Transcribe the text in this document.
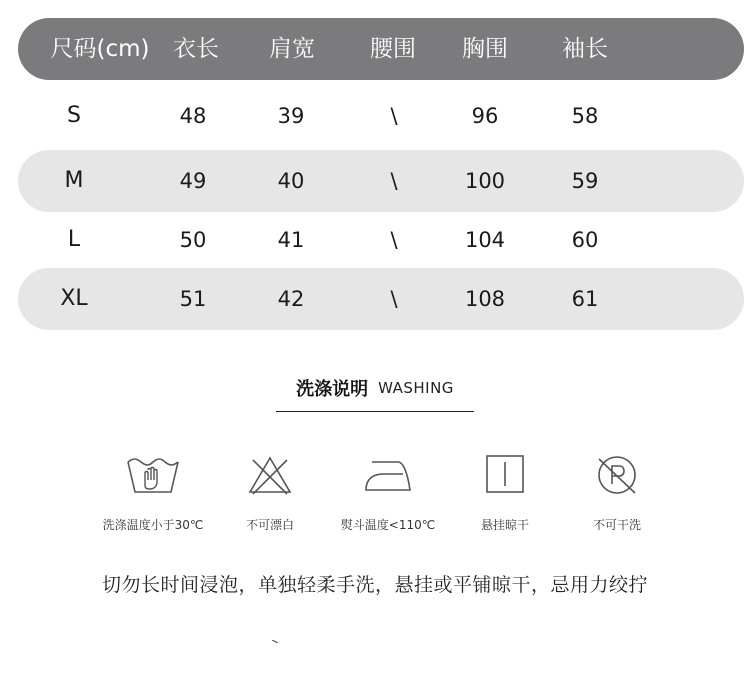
尺码(cm) 衣长 肩宽 腰围 胸围 袖长
S	48	39	\	96	58
M	49	40	\	100	59
L	50	41	\	104	60
XL	51	42	\	108	61
洗涤说明 WASHING
洗涤温度小于30℃	不可漂白	熨斗温度<110℃	悬挂晾干	不可干洗
切勿长时间浸泡，单独轻柔手洗，悬挂或平铺晾干，忌用力绞拧
